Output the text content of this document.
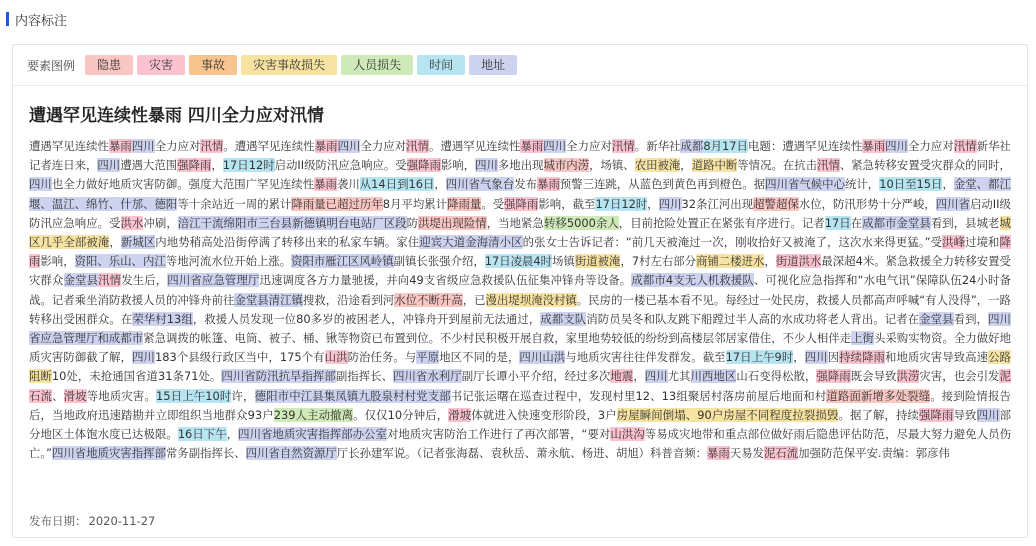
内容标注
要素图例	隐患	灾害	事故	灾害事故损失	人员损失	时间	地址
遭遇罕见连续性暴雨 四川全力应对汛情

遭遇罕见连续性暴雨四川全力应对汛情。遭遇罕见连续性暴雨四川全力应对汛情。遭遇罕见连续性暴雨四川全力应对汛情。新华社成都8月17日电题：遭遇罕见连续性暴雨四川全力应对汛情新华社记者连日来，四川遭遇大范围强降雨，17日12时启动II级防汛应急响应。受强降雨影响，四川多地出现城市内涝，场镇、农田被淹，道路中断等情况。在抗击汛情、紧急转移安置受灾群众的同时，四川也全力做好地质灾害防御。强度大范围广罕见连续性暴雨袭川从14日到16日，四川省气象台发布暴雨预警三连跳，从蓝色到黄色再到橙色。据四川省气候中心统计，10日至15日，金堂、都江堰、温江、绵竹、什邡、德阳等十余站近一周的累计降雨量已超过历年8月平均累计降雨量。受强降雨影响，截至17日12时，四川32条江河出现超警超保水位，防汛形势十分严峻，四川省启动II级防汛应急响应。受洪水冲刷，涪江干流绵阳市三台县新德镇明台电站厂区段防洪堤出现险情，当地紧急转移5000余人，目前抢险处置正在紧张有序进行。记者17日在成都市金堂县看到，县城老城区几乎全部被淹，新城区内地势稍高处沿街停满了转移出来的私家车辆。家住迎宾大道金海清小区的张女士告诉记者：“前几天被淹过一次，刚收拾好又被淹了，这次水来得更猛。”受洪峰过境和降雨影响，资阳、乐山、内江等地河流水位开始上涨。资阳市雁江区风岭镇副镇长张强介绍，17日凌晨4时场镇街道被淹，7村左右部分商铺二楼进水，街道洪水最深超4米。紧急救援全力转移安置受灾群众金堂县汛情发生后，四川省应急管理厅迅速调度各方力量驰援，并向49支省级应急救援队伍征集冲锋舟等设备。成都市4支无人机救援队、可视化应急指挥和“水电气讯”保障队伍24小时备战。记者乘坐消防救援人员的冲锋舟前往金堂县清江镇搜救，沿途看到河水位不断升高，已漫出堤坝淹没村镇。民房的一楼已基本看不见。每经过一处民房，救援人员都高声呼喊“有人没得”，一路转移出受困群众。在荣华村13组，救援人员发现一位80多岁的被困老人，冲锋舟开到屋前无法通过，成都支队消防员吴冬和队友跳下船蹚过半人高的水成功将老人背出。记者在金堂县看到，四川省应急管理厅和成都市紧急调拨的帐篷、电筒、被子、桶、锹等物资已布置到位。不少村民积极开展自救，家里地势较低的纷纷到高楼层邻居家借住，不少人相伴走上街头采购实物资。全力做好地质灾害防御截了解，四川183个县级行政区当中，175个有山洪防治任务。与平原地区不同的是，四川山洪与地质灾害往往伴发群发。截至17日上午9时，四川因持续降雨和地质灾害导致高速公路阻断10处，未抢通国省道31条71处。四川省防汛抗旱指挥部副指挥长、四川省水利厅副厅长谭小平介绍，经过多次地震，四川尤其川西地区山石变得松散，强降雨既会导致洪涝灾害，也会引发泥石流、滑坡等地质灾害。15日上午10时许，德阳市中江县集凤镇九股泉村村党支部书记张运曙在巡查过程中，发现村里12、13组聚居村落房前屋后地面和村道路面新增多处裂缝。接到险情报告后，当地政府迅速踏勘并立即组织当地群众93户239人主动撤离。仅仅10分钟后，滑坡体就进入快速变形阶段，3户房屋瞬间倒塌、90户房屋不同程度拉裂损毁。据了解，持续强降雨导致四川部分地区土体饱水度已达极限。16日下午，四川省地质灾害指挥部办公室对地质灾害防治工作进行了再次部署，“要对山洪沟等易成灾地带和重点部位做好雨后隐患评估防范，尽最大努力避免人员伤亡。”四川省地质灾害指挥部常务副指挥长、四川省自然资源厅厅长孙建军说。（记者张海磊、袁秋岳、萧永航、杨进、胡旭）科普音频：暴雨天易发泥石流加强防范保平安.责编：郭彦伟

发布日期： 2020-11-27
